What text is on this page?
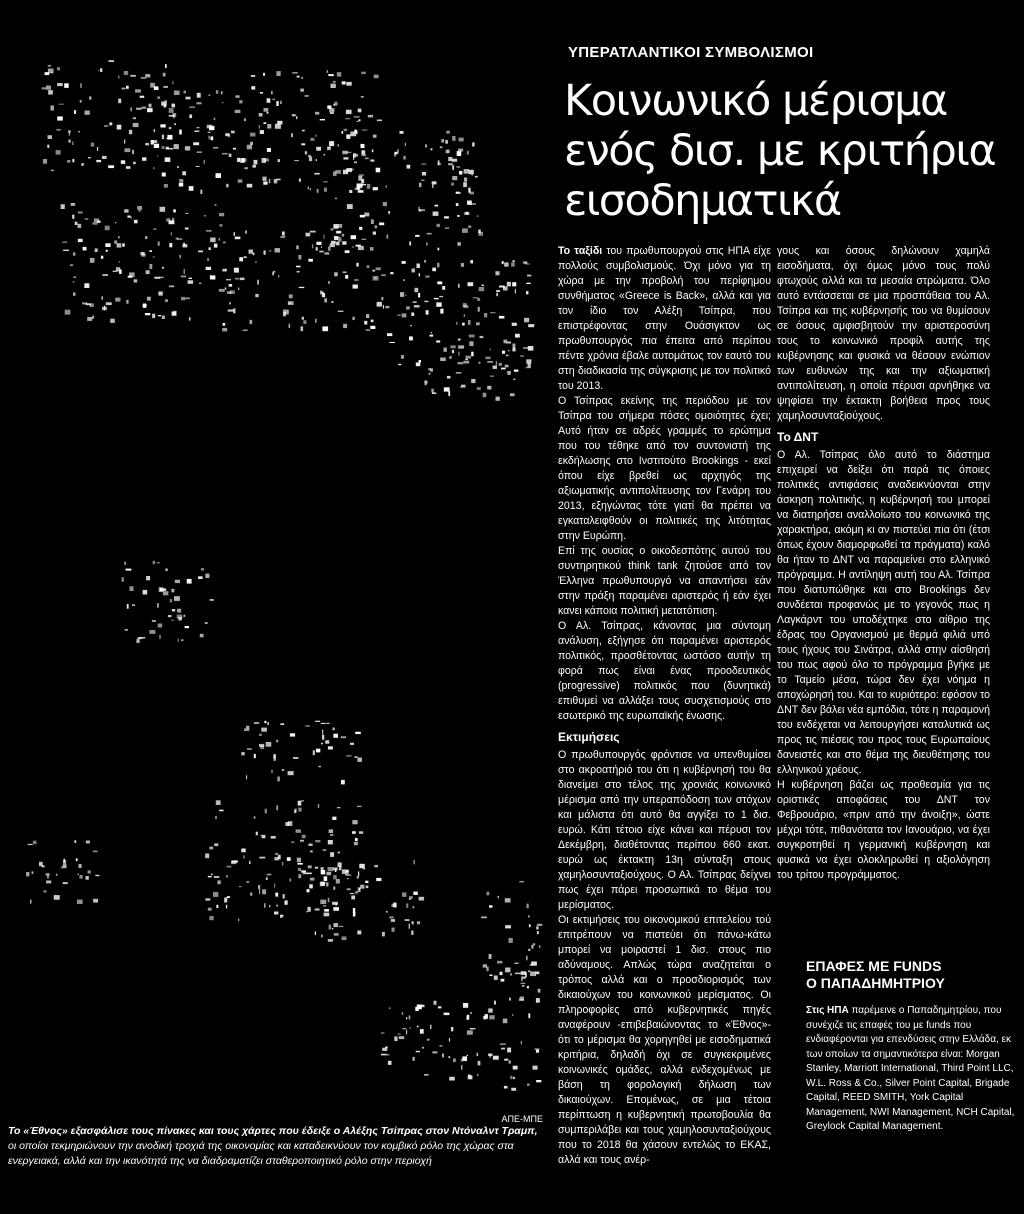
ΑΠΕ-ΜΠΕ

Το «Έθνος» εξασφάλισε τους πίνακες και τους χάρτες που έδειξε ο Αλέξης Τσίπρας στον Ντόναλντ Τραμπ, οι οποίοι τεκμηριώνουν την ανοδική τροχιά της οικονομίας και καταδεικνύουν τον κομβικό ρόλο της χώρας στα ενεργειακά, αλλά και την ικανότητά της να διαδραματίζει σταθεροποιητικό ρόλο στην περιοχή

ΥΠΕΡΑΤΛΑΝΤΙΚΟΙ ΣΥΜΒΟΛΙΣΜΟΙ
Κοινωνικό μέρισμα
ενός δισ. με κριτήρια
εισοδηματικά

Το ταξίδι του πρωθυπουργού στις ΗΠΑ είχε πολλούς συμβολισμούς. Όχι μόνο για τη χώρα με την προβολή του περίφημου συνθήματος «Greece is Back», αλλά και για τον ίδιο τον Αλέξη Τσίπρα, που επιστρέφοντας στην Ουάσιγκτον ως πρωθυπουργός πια έπειτα από περίπου πέντε χρόνια έβαλε αυτομάτως τον εαυτό του στη διαδικασία της σύγκρισης με τον πολιτικό του 2013.

Ο Τσίπρας εκείνης της περιόδου με τον Τσίπρα του σήμερα πόσες ομοιότητες έχει; Αυτό ήταν σε αδρές γραμμές το ερώτημα που του τέθηκε από τον συντονιστή της εκδήλωσης στο Ινστιτούτο Brookings - εκεί όπου είχε βρεθεί ως αρχηγός της αξιωματικής αντιπολίτευσης τον Γενάρη του 2013, εξηγώντας τότε γιατί θα πρέπει να εγκαταλειφθούν οι πολιτικές της λιτότητας στην Ευρώπη.

Επί της ουσίας ο οικοδεσπότης αυτού του συντηρητικού think tank ζητούσε από τον Έλληνα πρωθυπουργό να απαντήσει εάν στην πράξη παραμένει αριστερός ή εάν έχει κανει κάποια πολιτική μετατόπιση.

Ο Αλ. Τσίπρας, κάνοντας μια σύντομη ανάλυση, εξήγησε ότι παραμένει αριστερός πολιτικός, προσθέτοντας ωστόσο αυτήν τη φορά πως είναι ένας προοδευτικός (progressive) πολιτικός που (δυνητικά) επιθυμεί να αλλάξει τους συσχετισμούς στο εσωτερικό της ευρωπαϊκής ένωσης.

Εκτιμήσεις

Ο πρωθυπουργός φρόντισε να υπενθυμίσει στο ακροατήριό του ότι η κυβέρνησή του θα διανείμει στο τέλος της χρονιάς κοινωνικό μέρισμα από την υπεραπόδοση των στόχων και μάλιστα ότι αυτό θα αγγίξει το 1 δισ. ευρώ. Κάτι τέτοιο είχε κάνει και πέρυσι τον Δεκέμβρη, διαθέτοντας περίπου 660 εκατ. ευρώ ως έκτακτη 13η σύνταξη στους χαμηλοσυνταξιούχους. Ο Αλ. Τσίπρας δείχνει πως έχει πάρει προσωπικά το θέμα του μερίσματος.

Οι εκτιμήσεις του οικονομικού επιτελείου τού επιτρέπουν να πιστεύει ότι πάνω-κάτω μπορεί να μοιραστεί 1 δισ. στους πιο αδύναμους. Απλώς τώρα αναζητείται ο τρόπος αλλά και ο προσδιορισμός των δικαιούχων του κοινωνικού μερίσματος. Οι πληροφορίες από κυβερνητικές πηγές αναφέρουν -επιβεβαιώνοντας το «Έθνος»- ότι το μέρισμα θα χορηγηθεί με εισοδηματικά κριτήρια, δηλαδή όχι σε συγκεκριμένες κοινωνικές ομάδες, αλλά ενδεχομένως με βάση τη φορολογική δήλωση των δικαιούχων. Επομένως, σε μια τέτοια περίπτωση η κυβερνητική πρωτοβουλία θα συμπεριλάβει και τους χαμηλοσυνταξιούχους που το 2018 θα χάσουν εντελώς το ΕΚΑΣ, αλλά και τους ανέρ-

γους και όσους δηλώνουν χαμηλά εισοδήματα, όχι όμως μόνο τους πολύ φτωχούς αλλά και τα μεσαία στρώματα. Όλο αυτό εντάσσεται σε μια προσπάθεια του Αλ. Τσίπρα και της κυβέρνησής του να θυμίσουν σε όσους αμφισβητούν την αριστεροσύνη τους το κοινωνικό προφίλ αυτής της κυβέρνησης και φυσικά να θέσουν ενώπιον των ευθυνών της και την αξιωματική αντιπολίτευση, η οποία πέρυσι αρνήθηκε να ψηφίσει την έκτακτη βοήθεια προς τους χαμηλοσυνταξιούχους.

Το ΔΝΤ

Ο Αλ. Τσίπρας όλο αυτό το διάστημα επιχειρεί να δείξει ότι παρά τις όποιες πολιτικές αντιφάσεις αναδεικνύονται στην άσκηση πολιτικής, η κυβέρνησή του μπορεί να διατηρήσει αναλλοίωτο του κοινωνικό της χαρακτήρα, ακόμη κι αν πιστεύει πια ότι (έτσι όπως έχουν διαμορφωθεί τα πράγματα) καλό θα ήταν το ΔΝΤ να παραμείνει στο ελληνικό πρόγραμμα. Η αντίληψη αυτή του Αλ. Τσίπρα που διατυπώθηκε και στο Brookings δεν συνδέεται προφανώς με το γεγονός πως η Λαγκάρντ του υποδέχτηκε στο αίθριο της έδρας του Οργανισμού με θερμά φιλιά υπό τους ήχους του Σινάτρα, αλλά στην αίσθησή του πως αφού όλο το πρόγραμμα βγήκε με το Ταμείο μέσα, τώρα δεν έχει νόημα η αποχώρησή του. Και το κυριότερο: εφόσον το ΔΝΤ δεν βάλει νέα εμπόδια, τότε η παραμονή του ενδέχεται να λειτουργήσει καταλυτικά ως προς τις πιέσεις του προς τους Ευρωπαίους δανειστές και στο θέμα της διευθέτησης του ελληνικού χρέους.

Η κυβέρνηση βάζει ως προθεσμία για τις οριστικές αποφάσεις του ΔΝΤ τον Φεβρουάριο, «πριν από την άνοιξη», ώστε μέχρι τότε, πιθανότατα τον Ιανουάριο, να έχει συγκροτηθεί η γερμανική κυβέρνηση και φυσικά να έχει ολοκληρωθεί η αξιολόγηση του τρίτου προγράμματος.

ΕΠΑΦΕΣ ΜΕ FUNDS
Ο ΠΑΠΑΔΗΜΗΤΡΙΟΥ
Στις ΗΠΑ παρέμεινε ο Παπαδημητρίου, που συνέχιζε τις επαφές του με funds που ενδιαφέρονται για επενδύσεις στην Ελλάδα, εκ των οποίων τα σημαντικότερα είναι: Morgan Stanley, Marriott International, Third Point LLC, W.L. Ross & Co., Silver Point Capital, Brigade Capital, REED SMITH, York Capital Management, NWI Management, NCH Capital, Greylock Capital Management.
